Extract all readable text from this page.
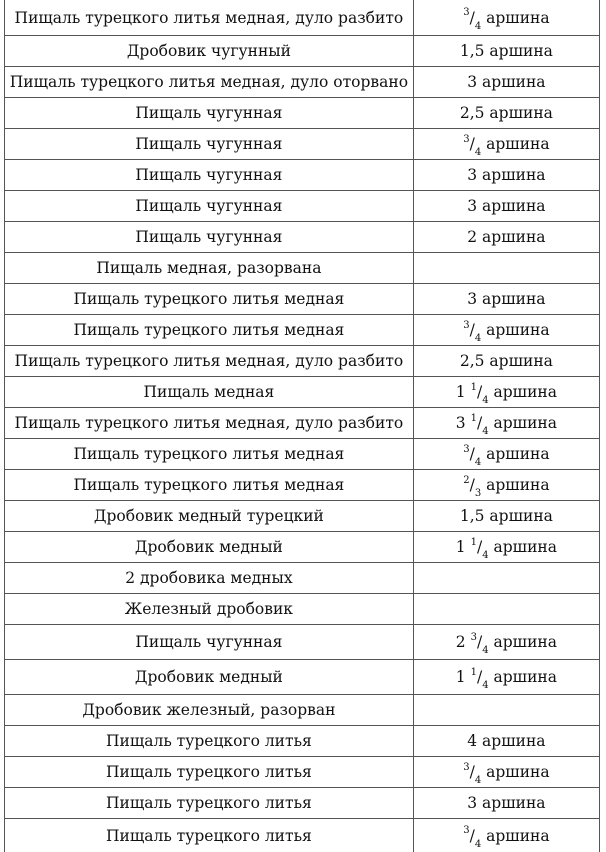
Пищаль турецкого литья медная, дуло разбито	$^3/_4$ аршина
Дробовик чугунный	1,5 аршина
Пищаль турецкого литья медная, дуло оторвано	3 аршина
Пищаль чугунная	2,5 аршина
Пищаль чугунная	$^3/_4$ аршина
Пищаль чугунная	3 аршина
Пищаль чугунная	3 аршина
Пищаль чугунная	2 аршина
Пищаль медная, разорвана	
Пищаль турецкого литья медная	3 аршина
Пищаль турецкого литья медная	$^3/_4$ аршина
Пищаль турецкого литья медная, дуло разбито	2,5 аршина
Пищаль медная	1 $^1/_4$ аршина
Пищаль турецкого литья медная, дуло разбито	3 $^1/_4$ аршина
Пищаль турецкого литья медная	$^3/_4$ аршина
Пищаль турецкого литья медная	$^2/_3$ аршина
Дробовик медный турецкий	1,5 аршина
Дробовик медный	1 $^1/_4$ аршина
2 дробовика медных	
Железный дробовик	
Пищаль чугунная	2 $^3/_4$ аршина
Дробовик медный	1 $^1/_4$ аршина
Дробовик железный, разорван	
Пищаль турецкого литья	4 аршина
Пищаль турецкого литья	$^3/_4$ аршина
Пищаль турецкого литья	3 аршина
Пищаль турецкого литья	$^3/_4$ аршина
